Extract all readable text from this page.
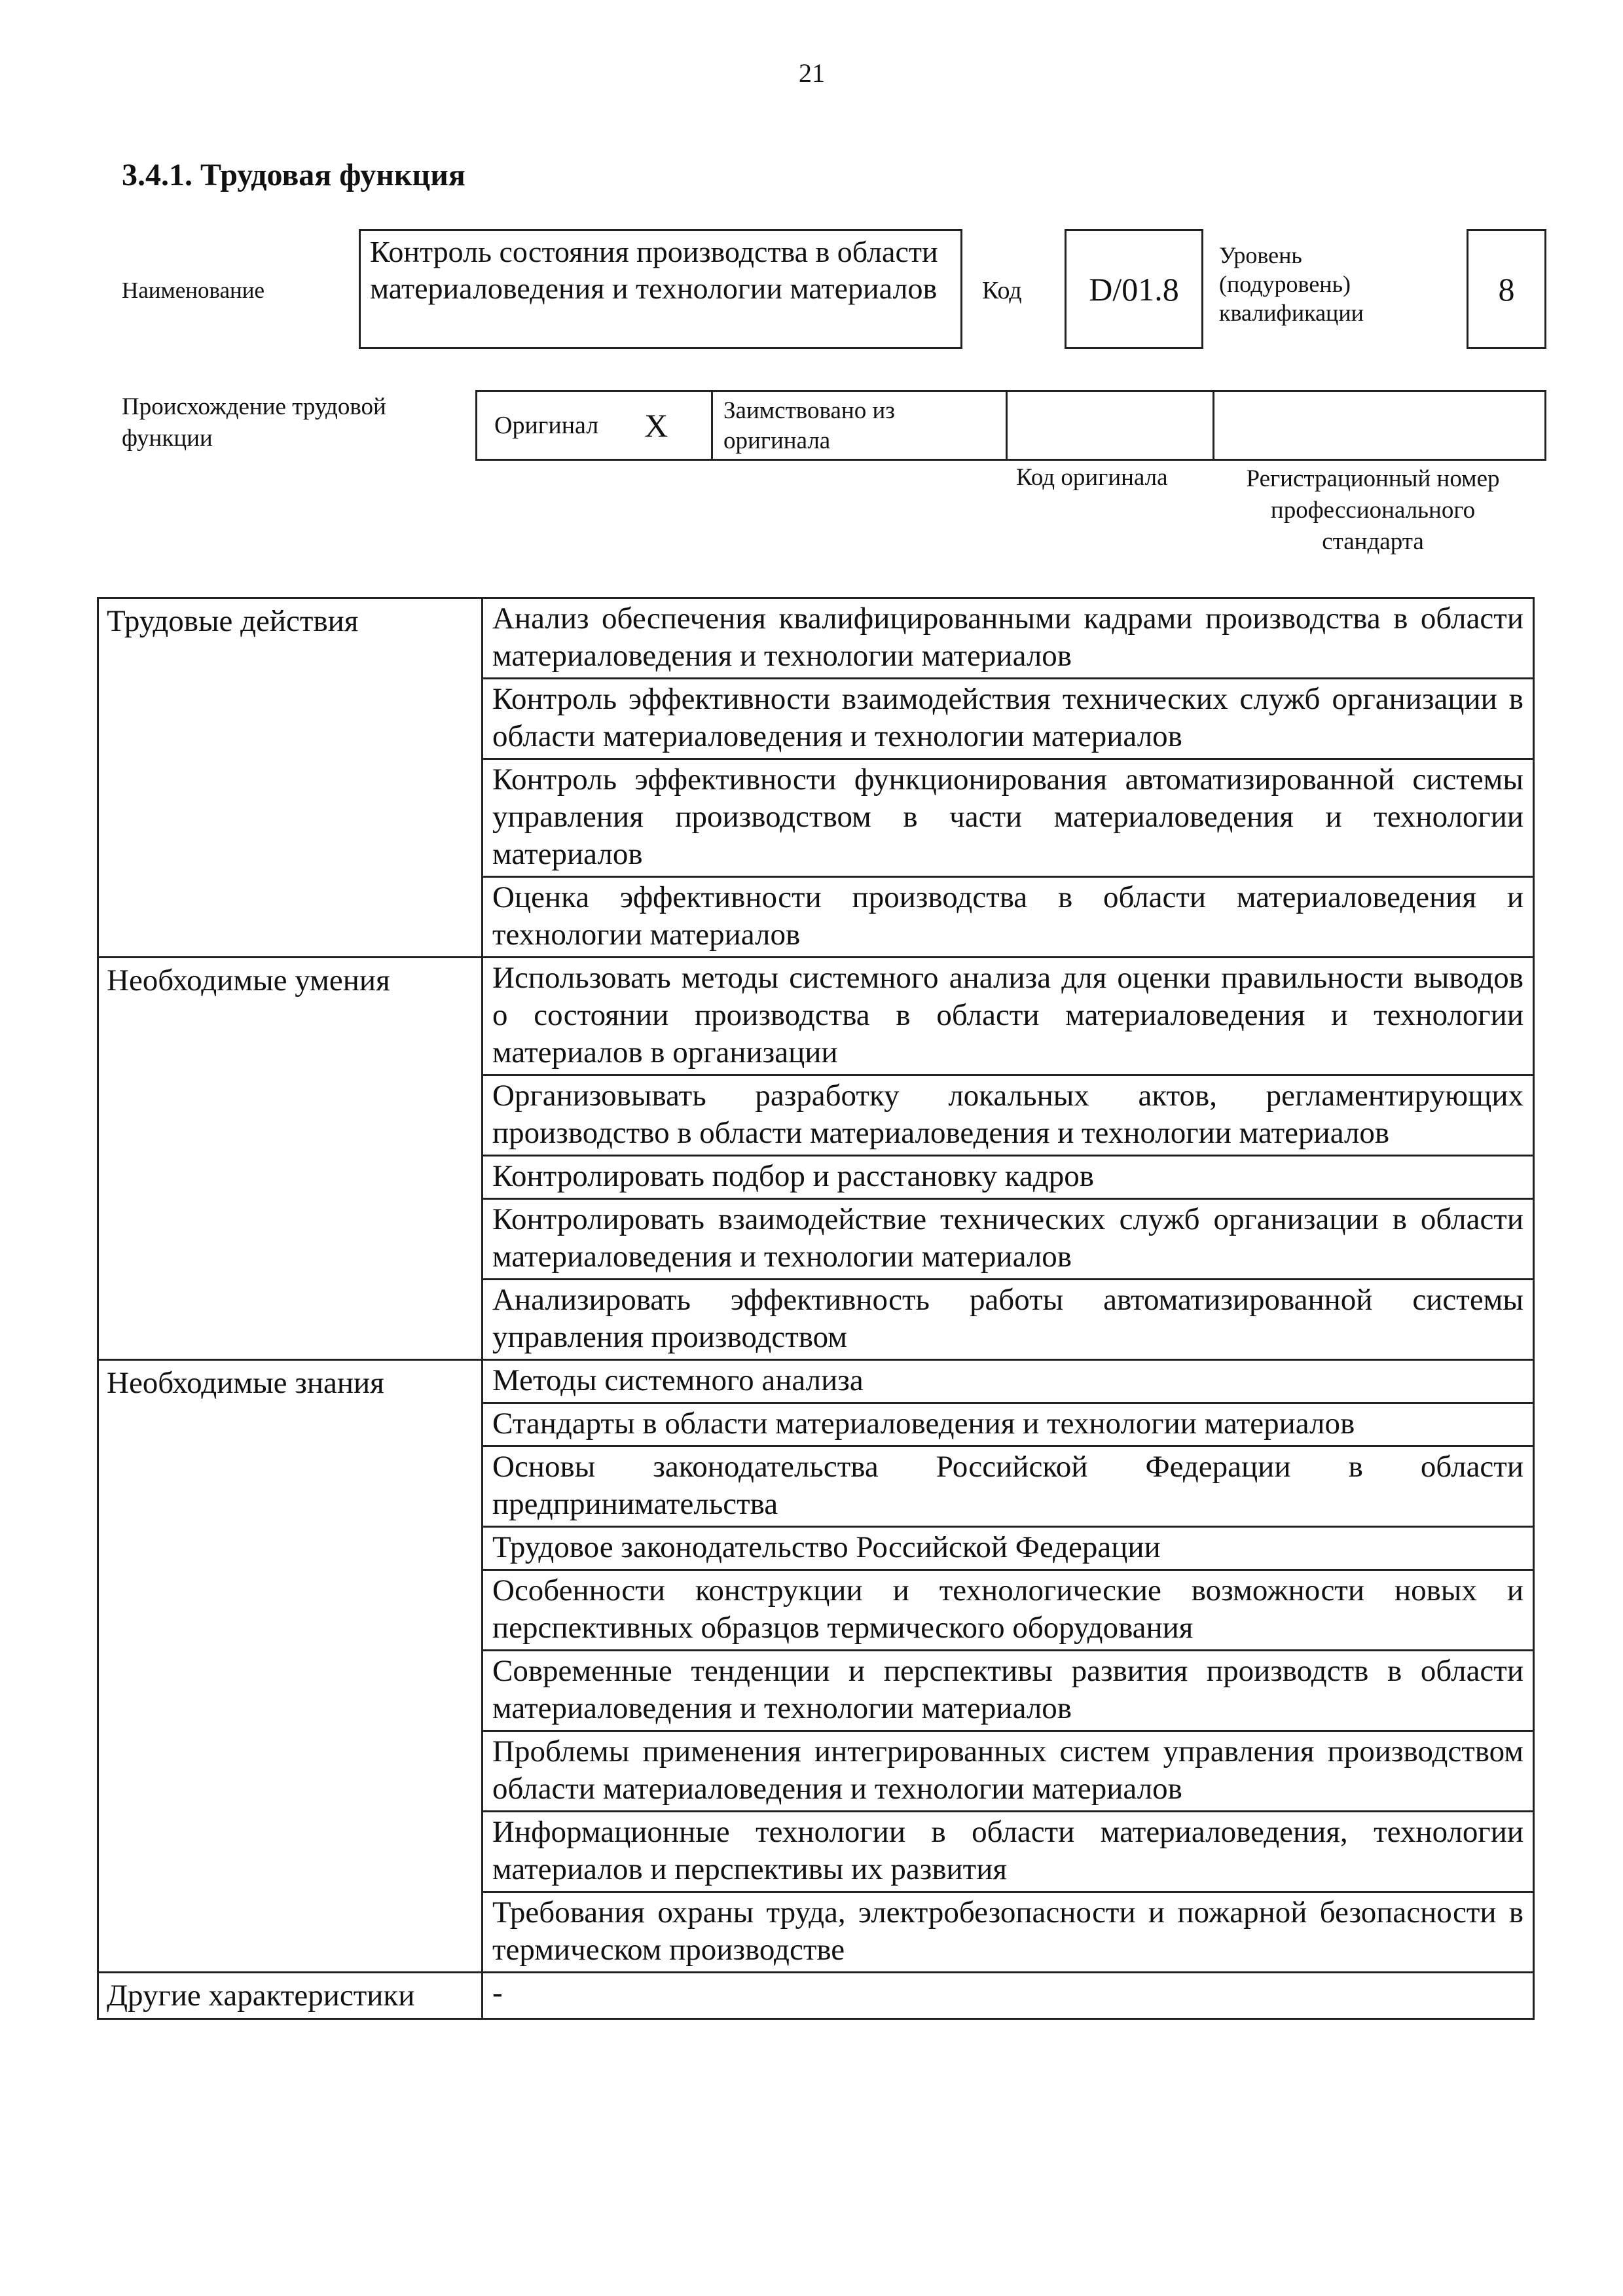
21
3.4.1. Трудовая функция
Наименование
Контроль состояния производства в области материаловедения и технологии материалов	Код	D/01.8
Уровень
(подуровень)
квалификации
8
Происхождение трудовой функции	Оригинал X	Заимствовано из оригинала
Код оригинала	Регистрационный номер профессионального стандарта
Трудовые действия	Анализ обеспечения квалифицированными кадрами производства в области материаловедения и технологии материалов
	Контроль эффективности взаимодействия технических служб организации в области материаловедения и технологии материалов
	Контроль эффективности функционирования автоматизированной системы управления производством в части материаловедения и технологии материалов
	Оценка эффективности производства в области материаловедения и технологии материалов
Необходимые умения	Использовать методы системного анализа для оценки правильности выводов о состоянии производства в области материаловедения и технологии материалов в организации
	Организовывать разработку локальных актов, регламентирующих производство в области материаловедения и технологии материалов
	Контролировать подбор и расстановку кадров
	Контролировать взаимодействие технических служб организации в области материаловедения и технологии материалов
	Анализировать эффективность работы автоматизированной системы управления производством
Необходимые знания	Методы системного анализа
	Стандарты в области материаловедения и технологии материалов
	Основы законодательства Российской Федерации в области предпринимательства
	Трудовое законодательство Российской Федерации
	Особенности конструкции и технологические возможности новых и перспективных образцов термического оборудования
	Современные тенденции и перспективы развития производств в области материаловедения и технологии материалов
	Проблемы применения интегрированных систем управления производством области материаловедения и технологии материалов
	Информационные технологии в области материаловедения, технологии материалов и перспективы их развития
	Требования охраны труда, электробезопасности и пожарной безопасности в термическом производстве
Другие характеристики	-
